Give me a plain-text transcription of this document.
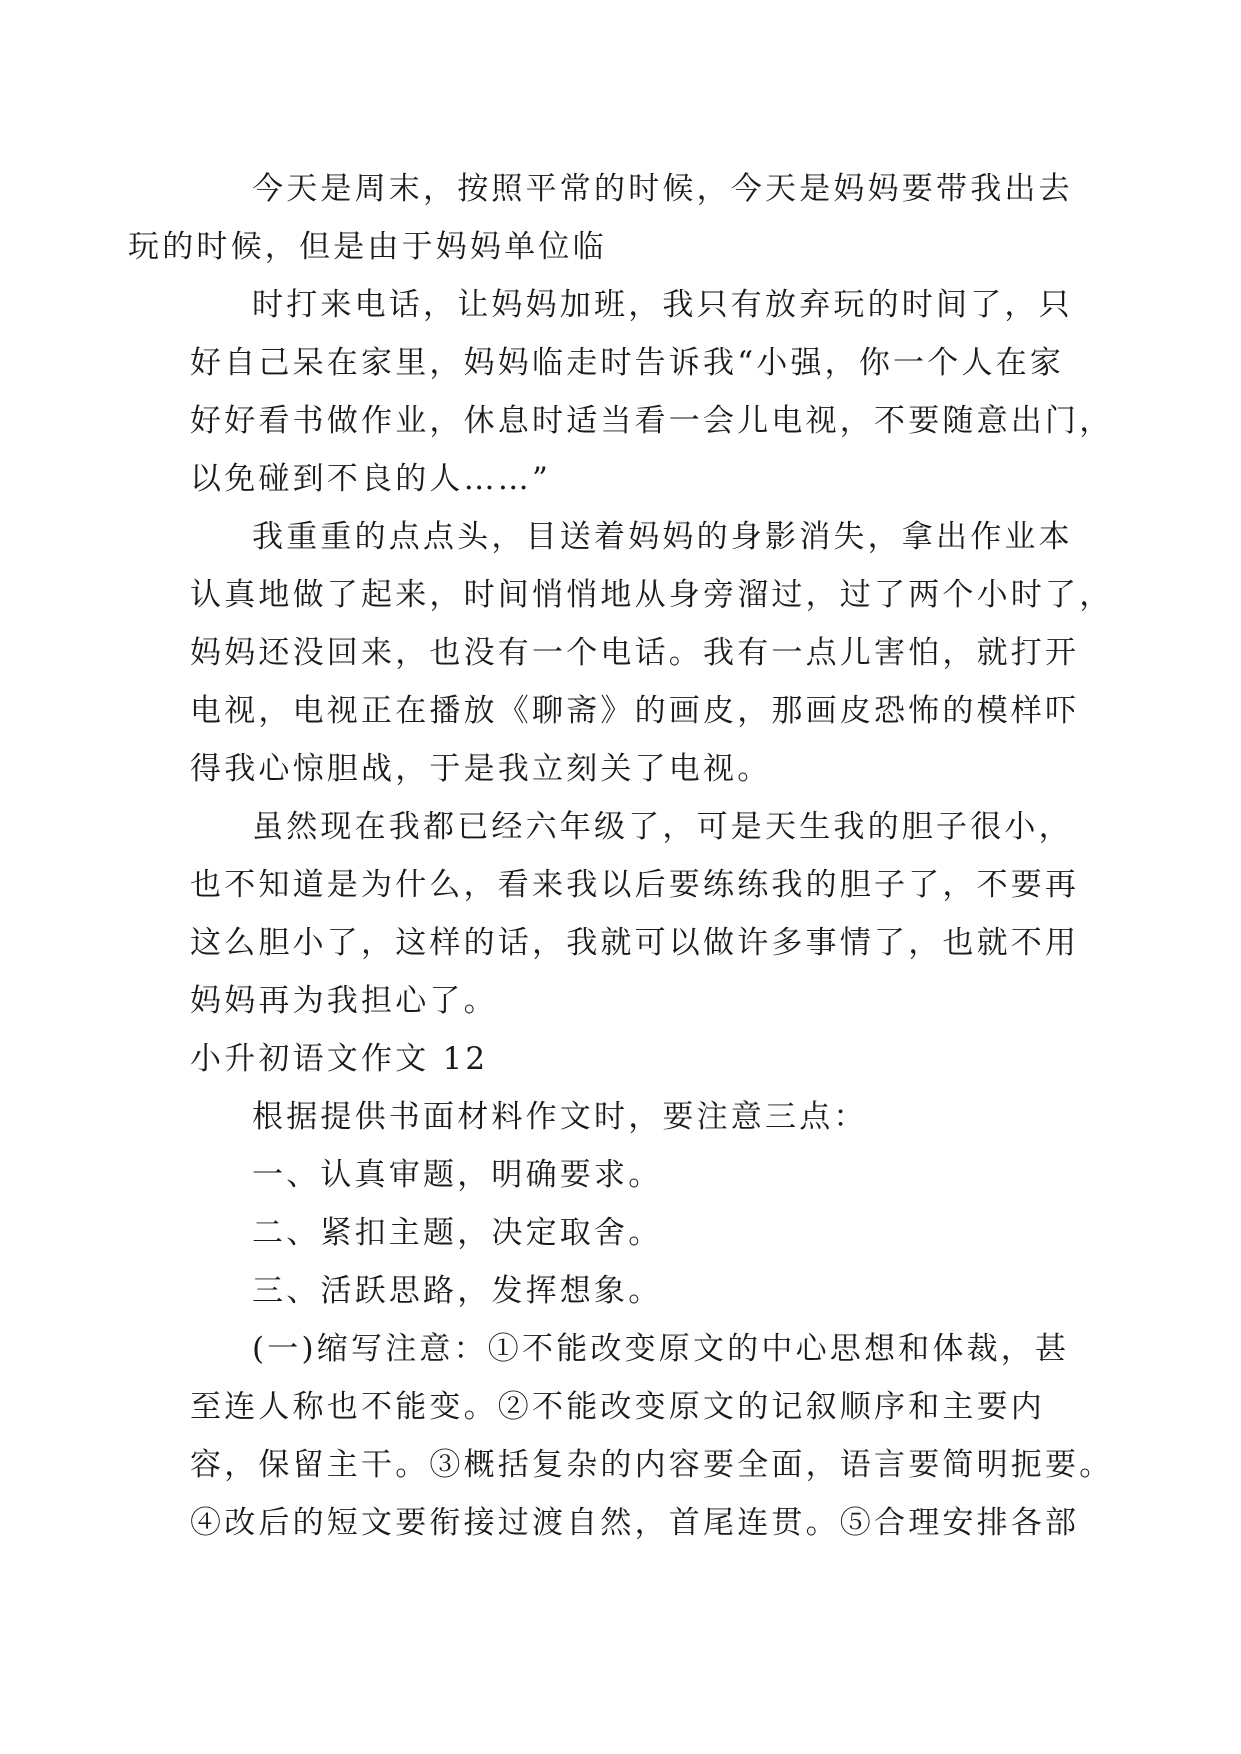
今天是周末，按照平常的时候，今天是妈妈要带我出去
玩的时候，但是由于妈妈单位临

时打来电话，让妈妈加班，我只有放弃玩的时间了，只
好自己呆在家里，妈妈临走时告诉我“小强，你一个人在家
好好看书做作业，休息时适当看一会儿电视，不要随意出门，
以免碰到不良的人……”

我重重的点点头，目送着妈妈的身影消失，拿出作业本
认真地做了起来，时间悄悄地从身旁溜过，过了两个小时了，
妈妈还没回来，也没有一个电话。我有一点儿害怕，就打开
电视，电视正在播放《聊斋》的画皮，那画皮恐怖的模样吓
得我心惊胆战，于是我立刻关了电视。

虽然现在我都已经六年级了，可是天生我的胆子很小，
也不知道是为什么，看来我以后要练练我的胆子了，不要再
这么胆小了，这样的话，我就可以做许多事情了，也就不用
妈妈再为我担心了。

小升初语文作文 12

根据提供书面材料作文时，要注意三点：

一、认真审题，明确要求。

二、紧扣主题，决定取舍。

三、活跃思路，发挥想象。

(一)缩写注意：①不能改变原文的中心思想和体裁，甚
至连人称也不能变。②不能改变原文的记叙顺序和主要内
容，保留主干。③概括复杂的内容要全面，语言要简明扼要。
④改后的短文要衔接过渡自然，首尾连贯。⑤合理安排各部
